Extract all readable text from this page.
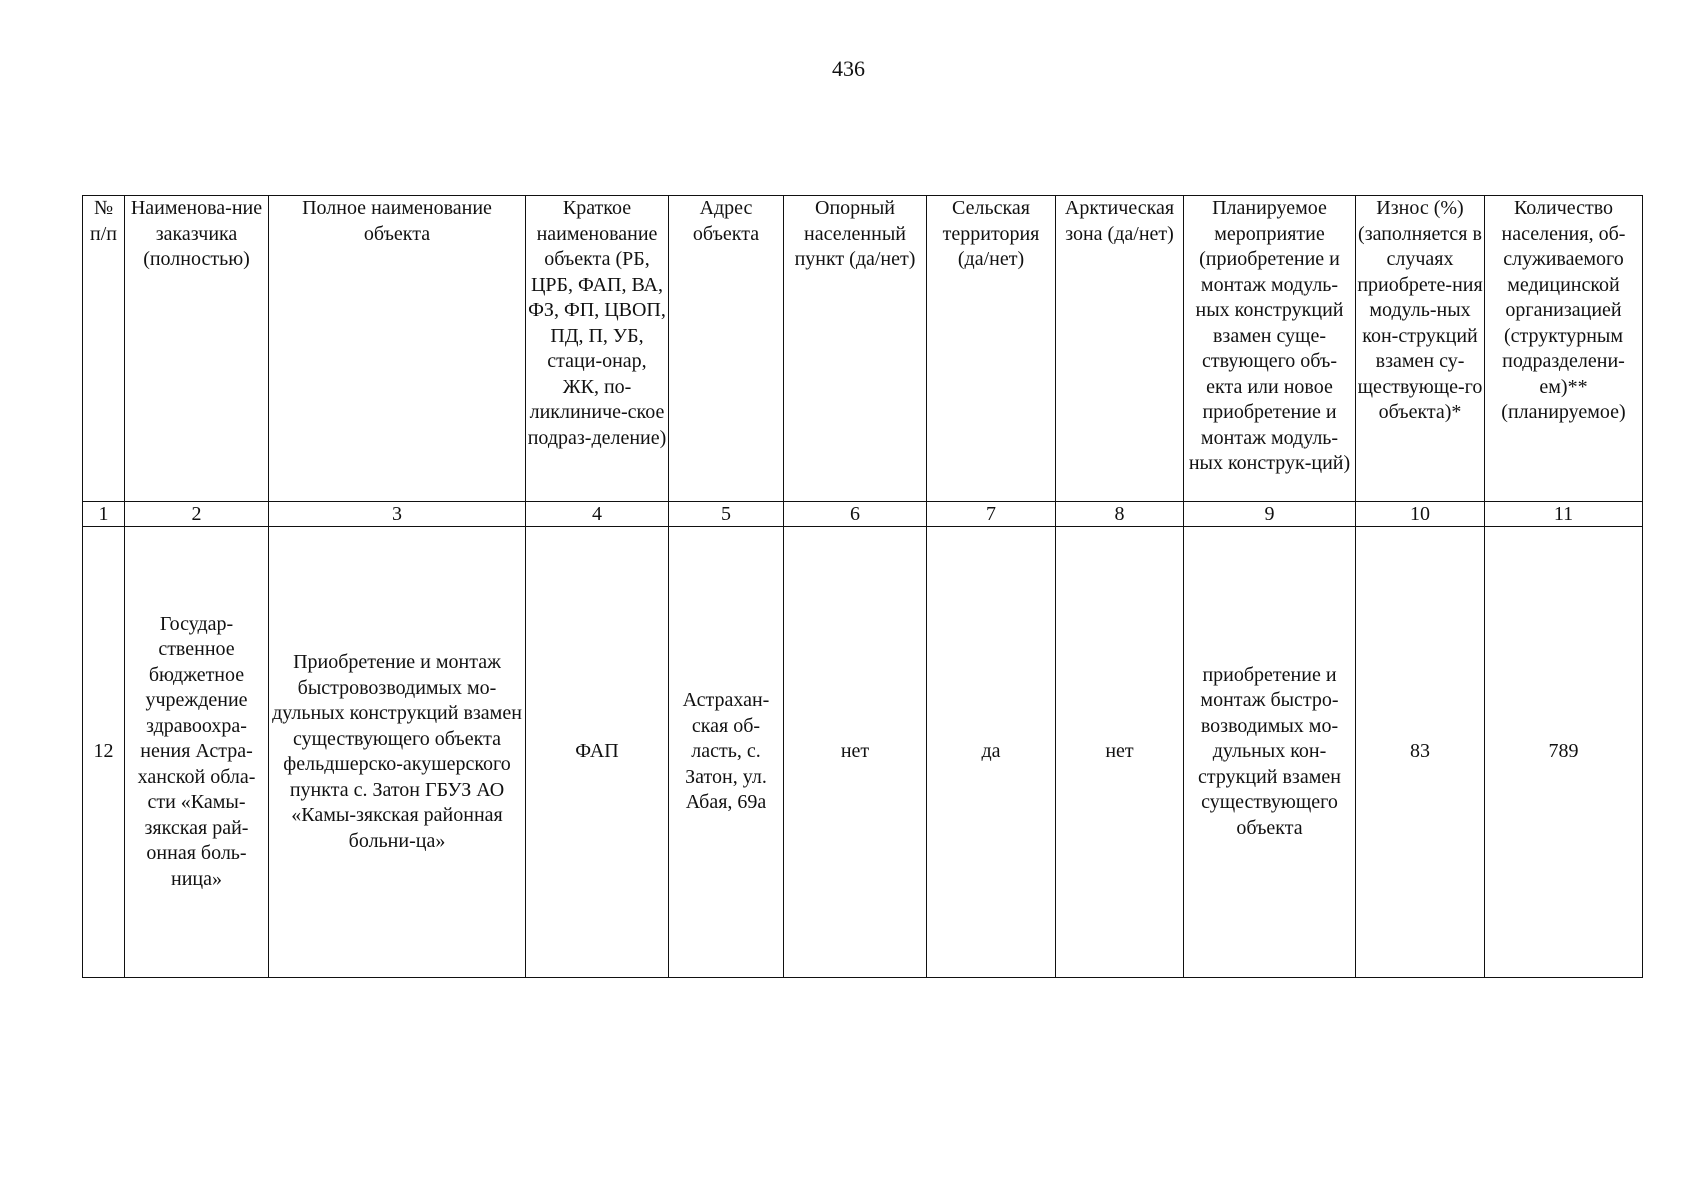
436
№ п/п	Наименова-ние заказчика (полностью)	Полное наименование объекта	Краткое наименование объекта (РБ, ЦРБ, ФАП, ВА, ФЗ, ФП, ЦВОП, ПД, П, УБ, стаци-онар, ЖК, по-ликлиниче-ское подраз-деление)	Адрес объекта	Опорный населенный пункт (да/нет)	Сельская территория (да/нет)	Арктическая зона (да/нет)	Планируемое мероприятие (приобретение и монтаж модуль-ных конструкций взамен суще-ствующего объ-екта или новое приобретение и монтаж модуль-ных конструк-ций)	Износ (%) (заполняется в случаях приобрете-ния модуль-ных кон-струкций взамен су-ществующе-го объекта)*	Количество населения, об-служиваемого медицинской организацией (структурным подразделени-ем)** (планируемое)
1	2	3	4	5	6	7	8	9	10	11
12	Государ-ственное бюджетное учреждение здравоохра-нения Астра-ханской обла-сти «Камы-зякская рай-онная боль-ница»	Приобретение и монтаж быстровозводимых мо-дульных конструкций взамен существующего объекта фельдшерско-акушерского пункта с. Затон ГБУЗ АО «Камы-зякская районная больни-ца»	ФАП	Астрахан-ская об-ласть, с. Затон, ул. Абая, 69а	нет	да	нет	приобретение и монтаж быстро-возводимых мо-дульных кон-струкций взамен существующего объекта	83	789
